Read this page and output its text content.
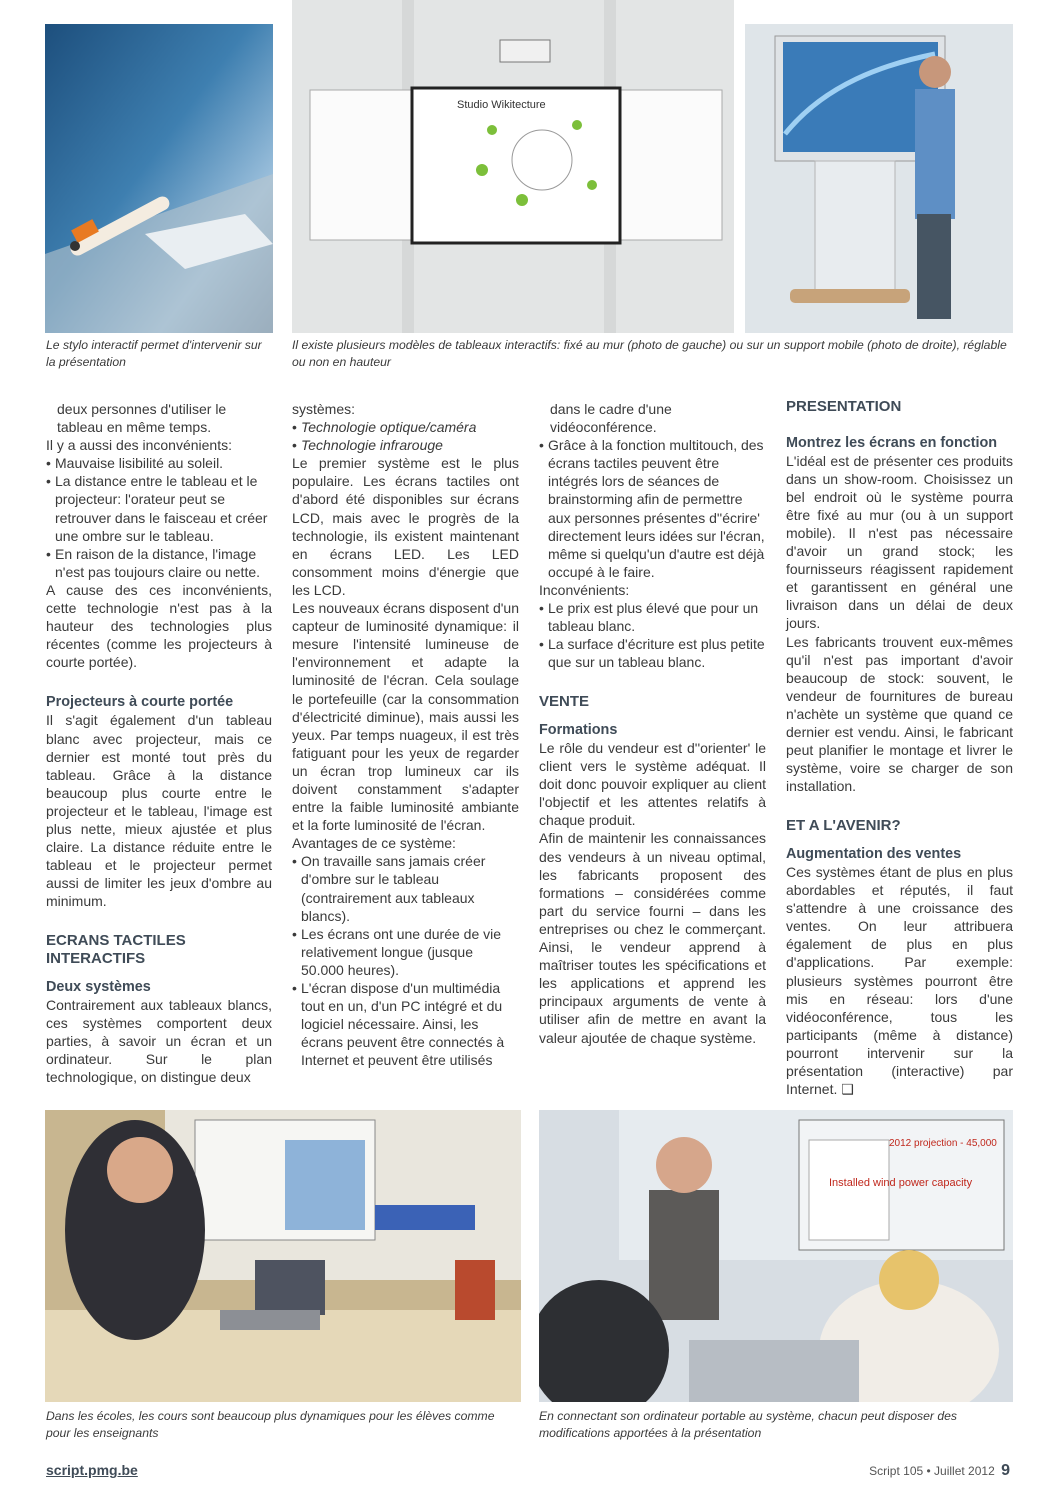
Studio Wikitecture
Le stylo interactif permet d'intervenir sur la présentation
Il existe plusieurs modèles de tableaux interactifs: fixé au mur (photo de gauche) ou sur un support mobile (photo de droite), réglable ou non en hauteur

deux personnes d'utiliser le tableau en même temps.

Il y a aussi des inconvénients:

• Mauvaise lisibilité au soleil.
• La distance entre le tableau et le projecteur: l'orateur peut se retrouver dans le faisceau et créer une ombre sur le tableau.
• En raison de la distance, l'image n'est pas toujours claire ou nette.

A cause des ces inconvénients, cette technologie n'est pas à la hauteur des technologies plus récentes (comme les projecteurs à courte portée).

Projecteurs à courte portée

Il s'agit également d'un tableau blanc avec projecteur, mais ce dernier est monté tout près du tableau. Grâce à la distance beaucoup plus courte entre le projecteur et le tableau, l'image est plus nette, mieux ajustée et plus claire. La distance réduite entre le tableau et le projecteur permet aussi de limiter les jeux d'ombre au minimum.

ECRANS TACTILES INTERACTIFS

Deux systèmes

Contrairement aux tableaux blancs, ces systèmes comportent deux parties, à savoir un écran et un ordinateur. Sur le plan technologique, on distingue deux

systèmes:

• Technologie optique/caméra
• Technologie infrarouge

Le premier système est le plus populaire. Les écrans tactiles ont d'abord été disponibles sur écrans LCD, mais avec le progrès de la technologie, ils existent maintenant en écrans LED. Les LED consomment moins d'énergie que les LCD.

Les nouveaux écrans disposent d'un capteur de luminosité dynamique: il mesure l'intensité lumineuse de l'environnement et adapte la luminosité de l'écran. Cela soulage le portefeuille (car la consommation d'électricité diminue), mais aussi les yeux. Par temps nuageux, il est très fatiguant pour les yeux de regarder un écran trop lumineux car ils doivent constamment s'adapter entre la faible luminosité ambiante et la forte luminosité de l'écran.

Avantages de ce système:

• On travaille sans jamais créer d'ombre sur le tableau (contrairement aux tableaux blancs).
• Les écrans ont une durée de vie relativement longue (jusque 50.000 heures).
• L'écran dispose d'un multimédia tout en un, d'un PC intégré et du logiciel nécessaire. Ainsi, les écrans peuvent être connectés à Internet et peuvent être utilisés

dans le cadre d'une vidéoconférence.

• Grâce à la fonction multitouch, des écrans tactiles peuvent être intégrés lors de séances de brainstorming afin de permettre aux personnes présentes d''écrire' directement leurs idées sur l'écran, même si quelqu'un d'autre est déjà occupé à le faire.

Inconvénients:

• Le prix est plus élevé que pour un tableau blanc.
• La surface d'écriture est plus petite que sur un tableau blanc.

VENTE

Formations

Le rôle du vendeur est d''orienter' le client vers le système adéquat. Il doit donc pouvoir expliquer au client l'objectif et les attentes relatifs à chaque produit.

Afin de maintenir les connaissances des vendeurs à un niveau optimal, les fabricants proposent des formations – considérées comme part du service fourni – dans les entreprises ou chez le commerçant. Ainsi, le vendeur apprend à maîtriser toutes les spécifications et les applications et apprend les principaux arguments de vente à utiliser afin de mettre en avant la valeur ajoutée de chaque système.

PRESENTATION

Montrez les écrans en fonction

L'idéal est de présenter ces produits dans un show-room. Choisissez un bel endroit où le système pourra être fixé au mur (ou à un support mobile). Il n'est pas nécessaire d'avoir un grand stock; les fournisseurs réagissent rapidement et garantissent en général une livraison dans un délai de deux jours.

Les fabricants trouvent eux-mêmes qu'il n'est pas important d'avoir beaucoup de stock: souvent, le vendeur de fournitures de bureau n'achète un système que quand ce dernier est vendu. Ainsi, le fabricant peut planifier le montage et livrer le système, voire se charger de son installation.

ET A L'AVENIR?

Augmentation des ventes

Ces systèmes étant de plus en plus abordables et réputés, il faut s'attendre à une croissance des ventes. On leur attribuera également de plus en plus d'applications. Par exemple: plusieurs systèmes pourront être mis en réseau: lors d'une vidéoconférence, tous les participants (même à distance) pourront intervenir sur la présentation (interactive) par Internet. ❑

2012 projection - 45,000
Installed wind power capacity
Dans les écoles, les cours sont beaucoup plus dynamiques pour les élèves comme pour les enseignants
En connectant son ordinateur portable au système, chacun peut disposer des modifications apportées à la présentation
script.pmg.be	Script 105 • Juillet 2012 9
